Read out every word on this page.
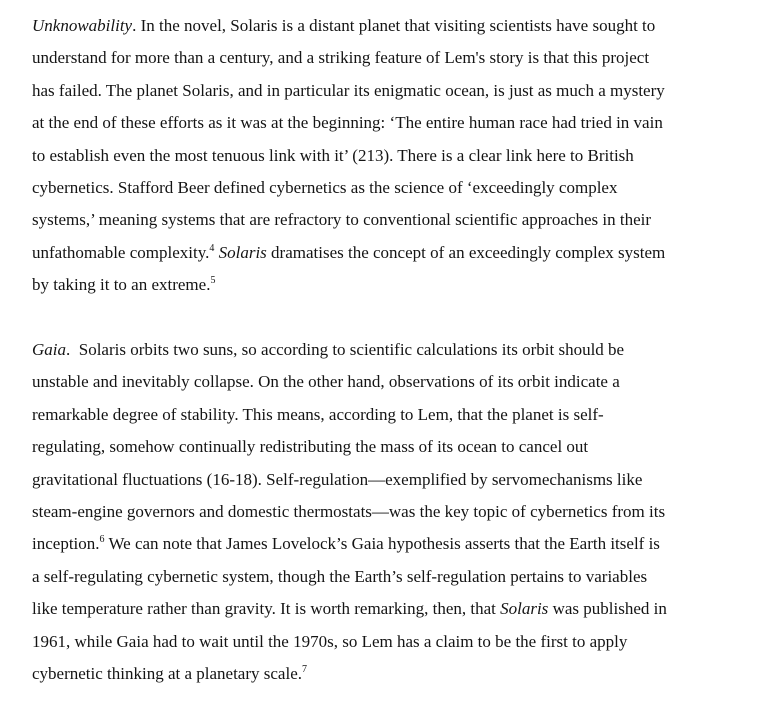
Unknowability. In the novel, Solaris is a distant planet that visiting scientists have sought to
understand for more than a century, and a striking feature of Lem's story is that this project
has failed. The planet Solaris, and in particular its enigmatic ocean, is just as much a mystery
at the end of these efforts as it was at the beginning: ‘The entire human race had tried in vain
to establish even the most tenuous link with it’ (213). There is a clear link here to British
cybernetics. Stafford Beer defined cybernetics as the science of ‘exceedingly complex
systems,’ meaning systems that are refractory to conventional scientific approaches in their
unfathomable complexity.$^4$ Solaris dramatises the concept of an exceedingly complex system
by taking it to an extreme.$^5$
Gaia.  Solaris orbits two suns, so according to scientific calculations its orbit should be
unstable and inevitably collapse. On the other hand, observations of its orbit indicate a
remarkable degree of stability. This means, according to Lem, that the planet is self-
regulating, somehow continually redistributing the mass of its ocean to cancel out
gravitational fluctuations (16-18). Self-regulation—exemplified by servomechanisms like
steam-engine governors and domestic thermostats—was the key topic of cybernetics from its
inception.$^6$ We can note that James Lovelock’s Gaia hypothesis asserts that the Earth itself is
a self-regulating cybernetic system, though the Earth’s self-regulation pertains to variables
like temperature rather than gravity. It is worth remarking, then, that Solaris was published in
1961, while Gaia had to wait until the 1970s, so Lem has a claim to be the first to apply
cybernetic thinking at a planetary scale.$^7$
